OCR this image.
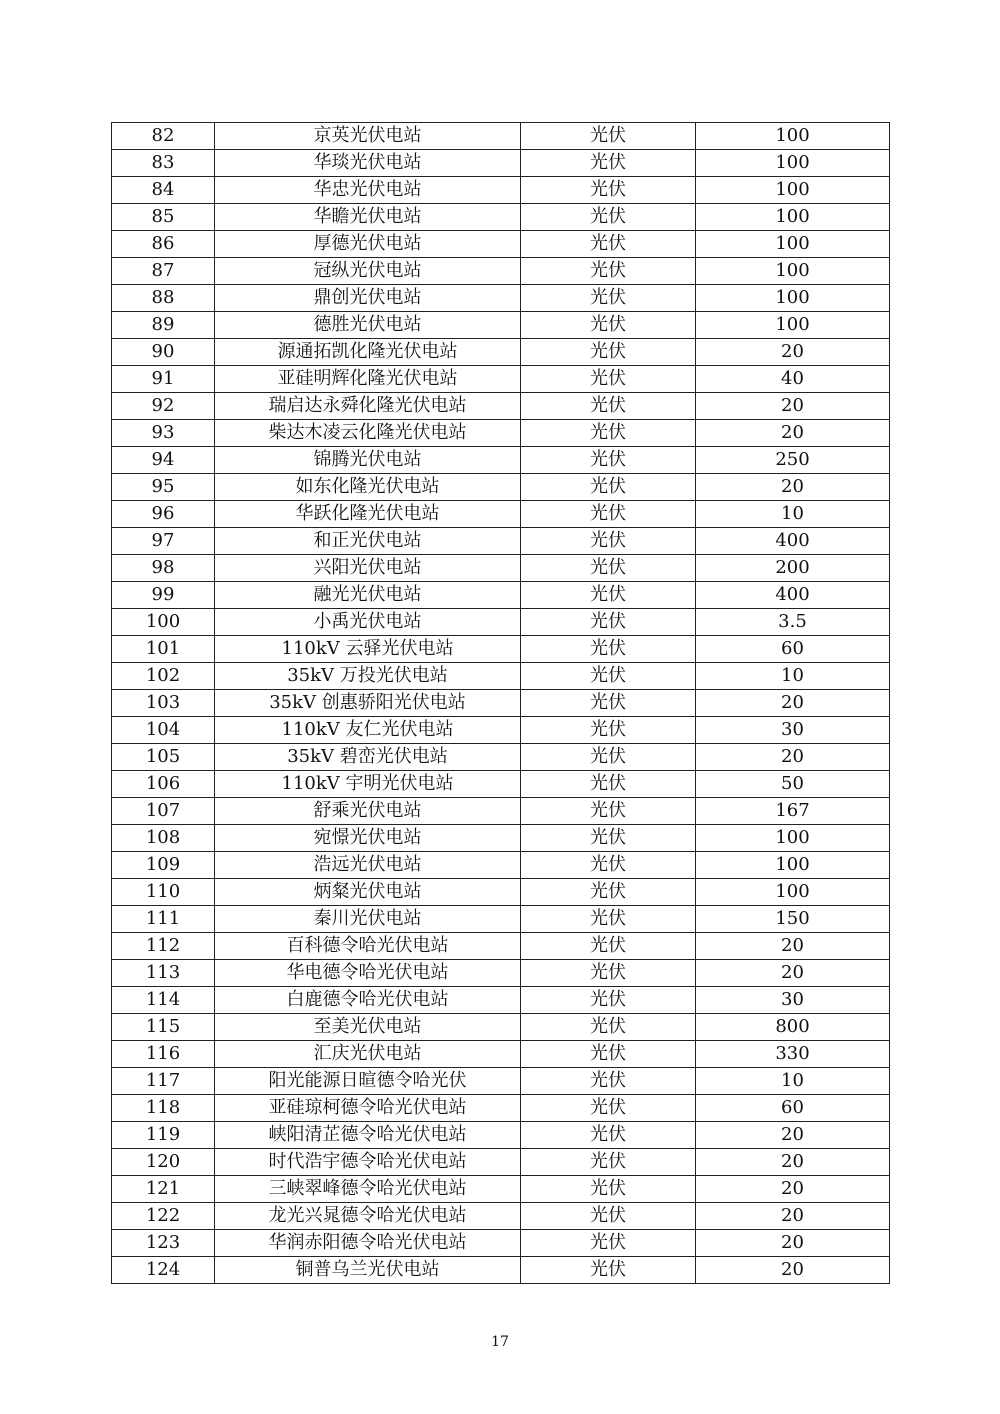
82	京英光伏电站	光伏	100
83	华琰光伏电站	光伏	100
84	华忠光伏电站	光伏	100
85	华瞻光伏电站	光伏	100
86	厚德光伏电站	光伏	100
87	冠纵光伏电站	光伏	100
88	鼎创光伏电站	光伏	100
89	德胜光伏电站	光伏	100
90	源通拓凯化隆光伏电站	光伏	20
91	亚硅明辉化隆光伏电站	光伏	40
92	瑞启达永舜化隆光伏电站	光伏	20
93	柴达木凌云化隆光伏电站	光伏	20
94	锦腾光伏电站	光伏	250
95	如东化隆光伏电站	光伏	20
96	华跃化隆光伏电站	光伏	10
97	和正光伏电站	光伏	400
98	兴阳光伏电站	光伏	200
99	融光光伏电站	光伏	400
100	小禹光伏电站	光伏	3.5
101	110kV 云驿光伏电站	光伏	60
102	35kV 万投光伏电站	光伏	10
103	35kV 创惠骄阳光伏电站	光伏	20
104	110kV 友仁光伏电站	光伏	30
105	35kV 碧峦光伏电站	光伏	20
106	110kV 宇明光伏电站	光伏	50
107	舒乘光伏电站	光伏	167
108	宛憬光伏电站	光伏	100
109	浩远光伏电站	光伏	100
110	炳粲光伏电站	光伏	100
111	秦川光伏电站	光伏	150
112	百科德令哈光伏电站	光伏	20
113	华电德令哈光伏电站	光伏	20
114	白鹿德令哈光伏电站	光伏	30
115	至美光伏电站	光伏	800
116	汇庆光伏电站	光伏	330
117	阳光能源日暄德令哈光伏	光伏	10
118	亚硅琼柯德令哈光伏电站	光伏	60
119	峡阳清芷德令哈光伏电站	光伏	20
120	时代浩宇德令哈光伏电站	光伏	20
121	三峡翠峰德令哈光伏电站	光伏	20
122	龙光兴晁德令哈光伏电站	光伏	20
123	华润赤阳德令哈光伏电站	光伏	20
124	铜普乌兰光伏电站	光伏	20
17
